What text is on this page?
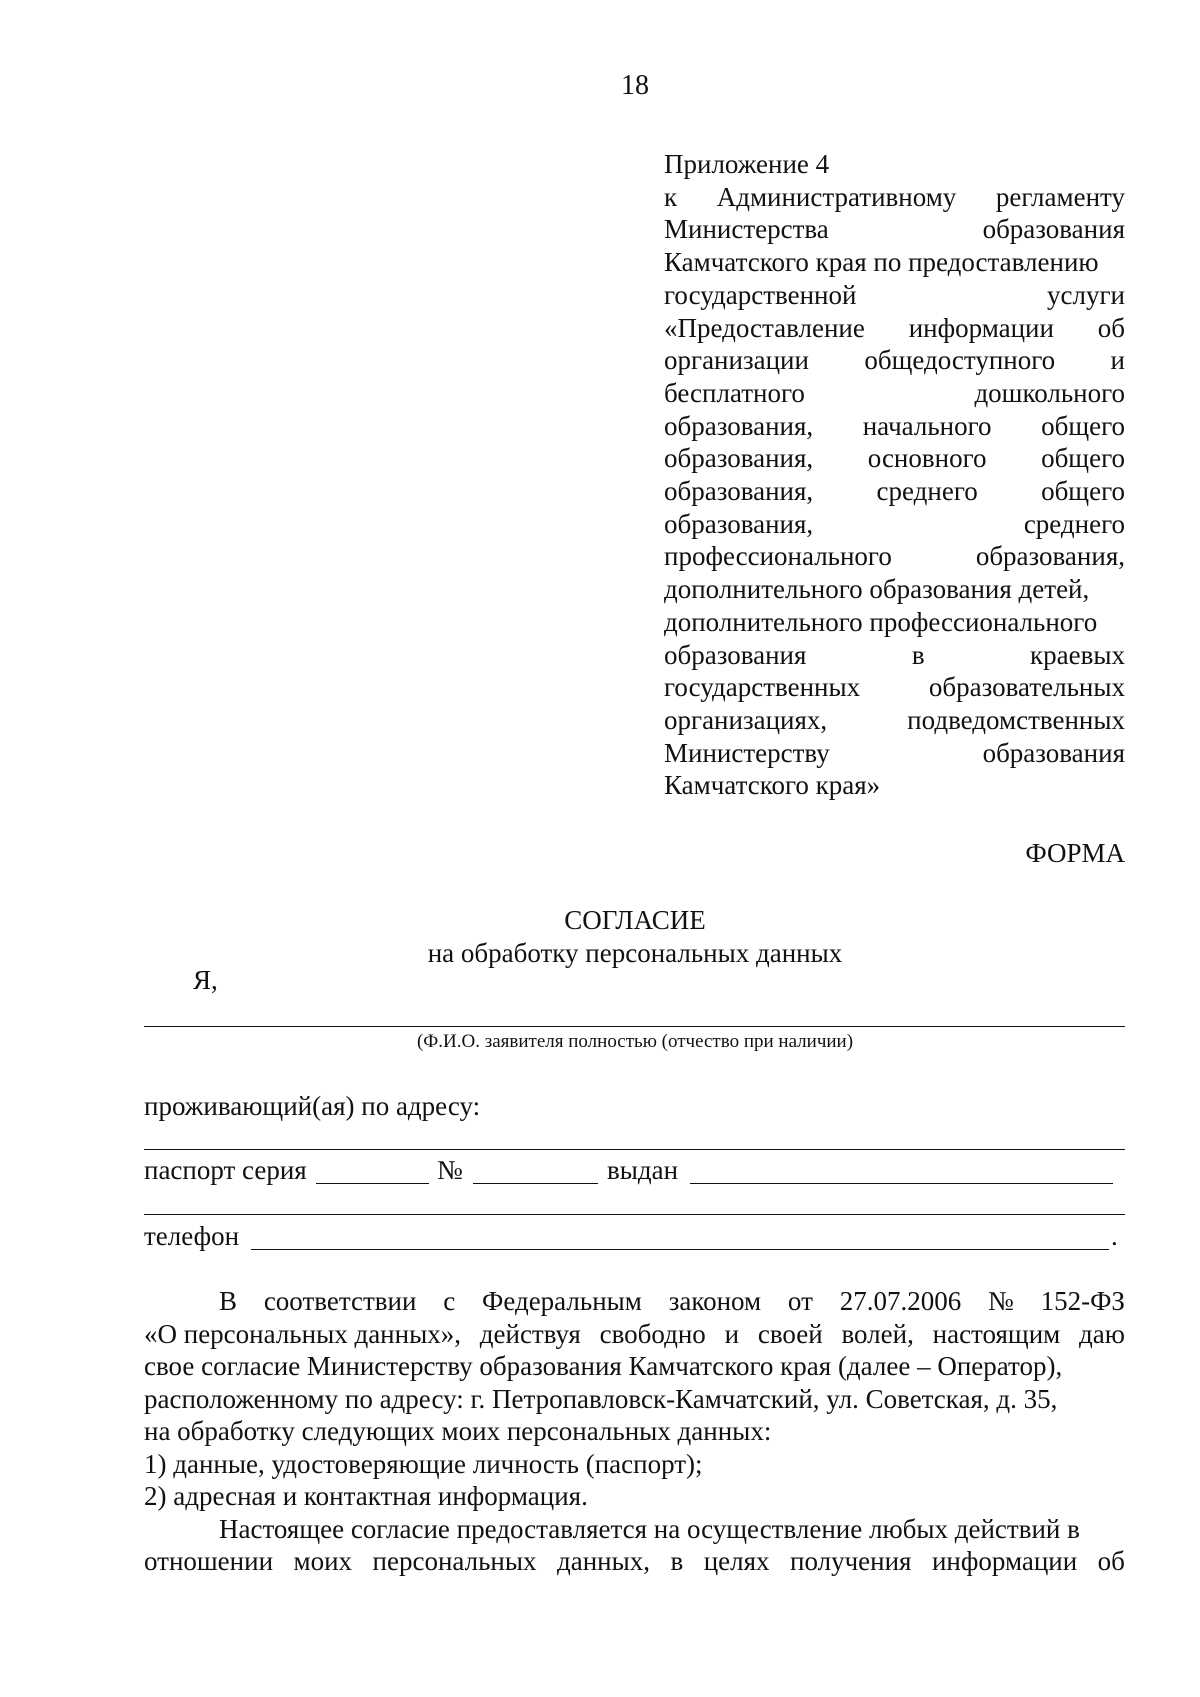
18
Приложение 4
к Административному регламенту
Министерства	образования
Камчатского края по предоставлению
государственной	услуги
«Предоставление информации об
организации общедоступного и
бесплатного	дошкольного
образования, начального общего
образования, основного общего
образования, среднего общего
образования,	среднего
профессионального	образования,
дополнительного образования детей,
дополнительного профессионального
образования	в	краевых
государственных	образовательных
организациях,	подведомственных
Министерству	образования
Камчатского края»
ФОРМА
СОГЛАСИЕ
на обработку персональных данных
Я,
(Ф.И.О. заявителя полностью (отчество при наличии)
проживающий(ая) по адресу:
паспорт серия	№	выдан
телефон	.
В соответствии с Федеральным законом от 27.07.2006 № 152-ФЗ
«О персональных данных», действуя свободно и своей волей, настоящим даю
свое согласие Министерству образования Камчатского края (далее – Оператор),
расположенному по адресу: г. Петропавловск-Камчатский, ул. Советская, д. 35,
на обработку следующих моих персональных данных:
1) данные, удостоверяющие личность (паспорт);
2) адресная и контактная информация.
Настоящее согласие предоставляется на осуществление любых действий в
отношении моих персональных данных, в целях получения информации об
